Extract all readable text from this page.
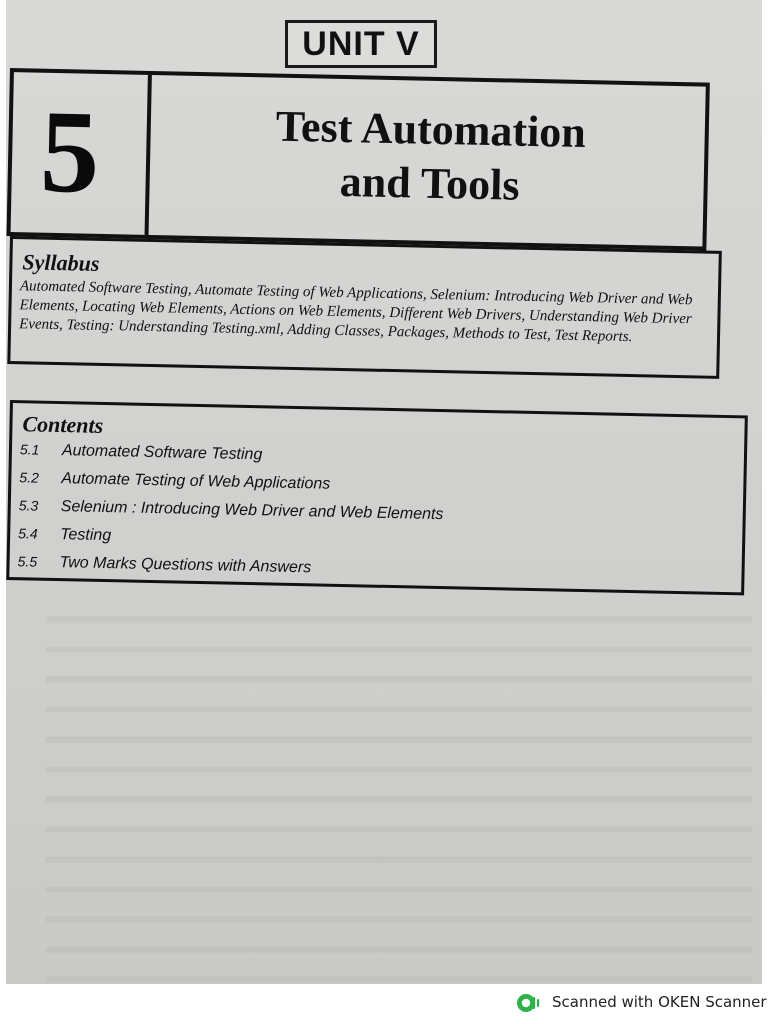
UNIT V
5	Test Automation
and Tools
Syllabus

Automated Software Testing, Automate Testing of Web Applications, Selenium: Introducing Web Driver and Web Elements, Locating Web Elements, Actions on Web Elements, Different Web Drivers, Understanding Web Driver Events, Testing: Understanding Testing.xml, Adding Classes, Packages, Methods to Test, Test Reports.

Contents
5.1	Automated Software Testing
5.2	Automate Testing of Web Applications
5.3	Selenium : Introducing Web Driver and Web Elements
5.4	Testing
5.5	Two Marks Questions with Answers
Scanned with OKEN Scanner
